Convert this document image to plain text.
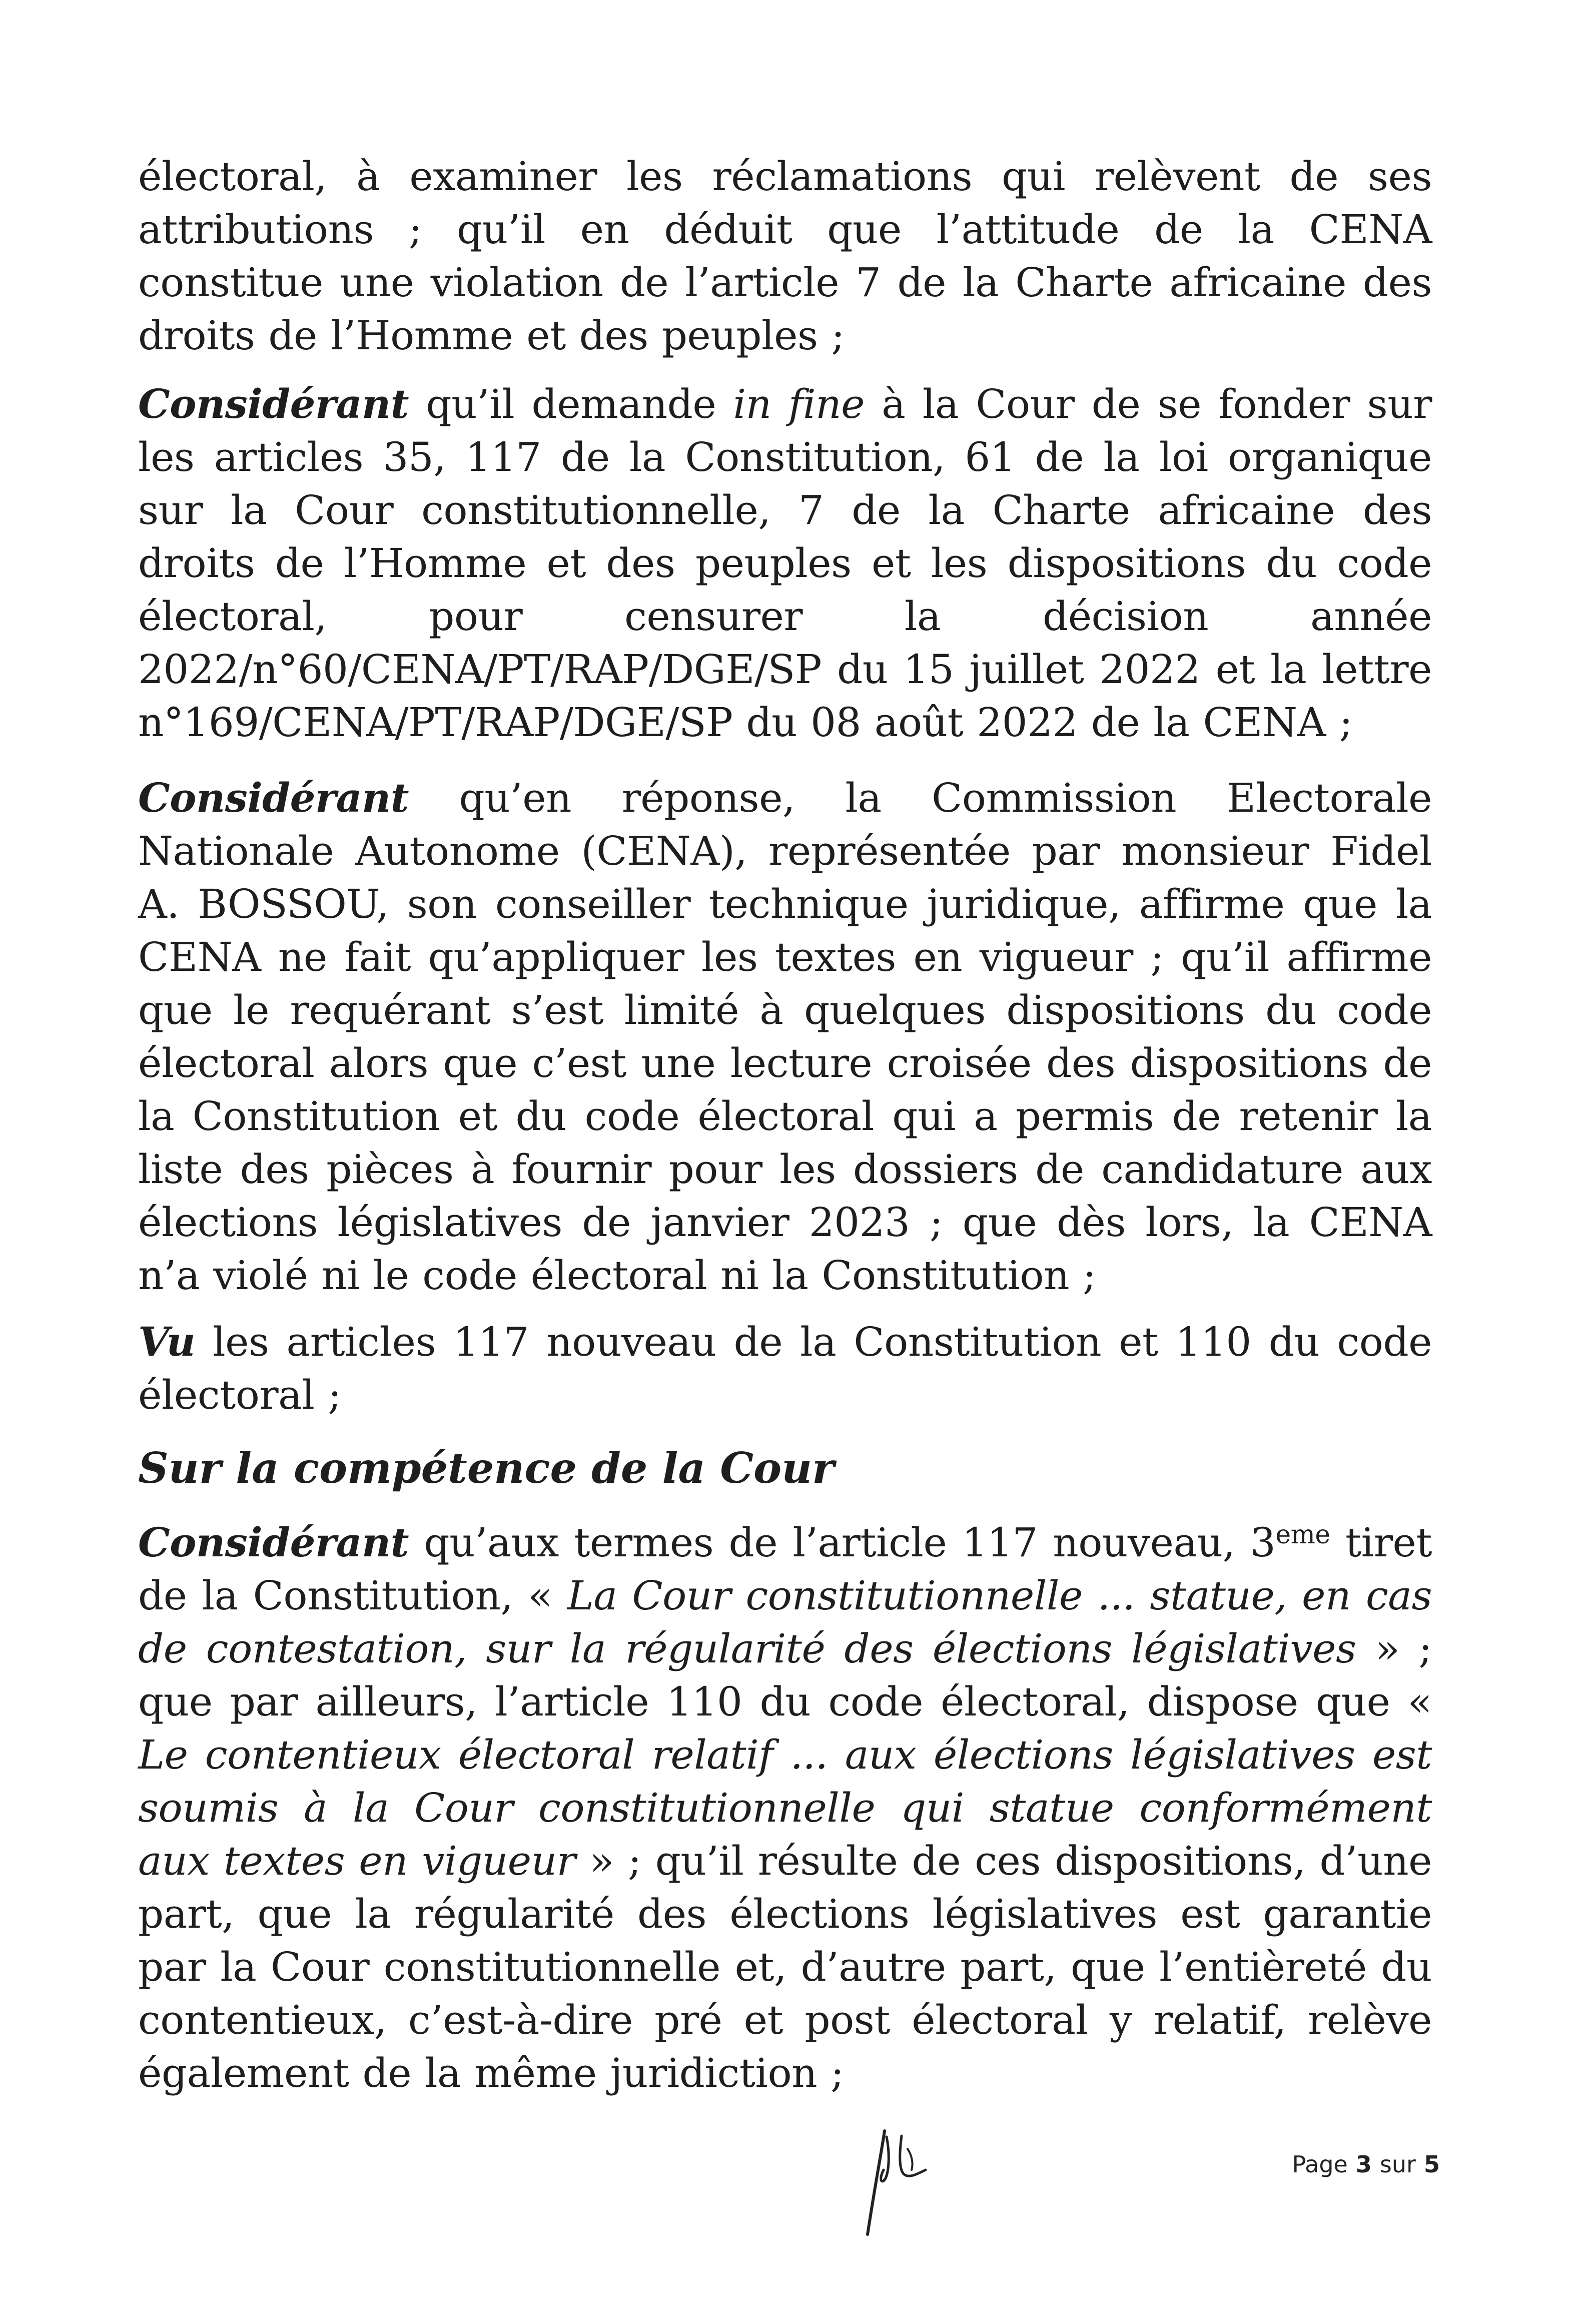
électoral, à examiner les réclamations qui relèvent de ses attributions ; qu’il en déduit que l’attitude de la CENA constitue une violation de l’article 7 de la Charte africaine des droits de l’Homme et des peuples ;

Considérant qu’il demande in fine à la Cour de se fonder sur les articles 35, 117 de la Constitution, 61 de la loi organique sur la Cour constitutionnelle, 7 de la Charte africaine des droits de l’Homme et des peuples et les dispositions du code électoral, pour censurer la décision année 2022/n°60/CENA/PT/RAP/DGE/SP du 15 juillet 2022 et la lettre n°169/CENA/PT/RAP/DGE/SP du 08 août 2022 de la CENA ;

Considérant qu’en réponse, la Commission Electorale Nationale Autonome (CENA), représentée par monsieur Fidel A. BOSSOU, son conseiller technique juridique, affirme que la CENA ne fait qu’appliquer les textes en vigueur ; qu’il affirme que le requérant s’est limité à quelques dispositions du code électoral alors que c’est une lecture croisée des dispositions de la Constitution et du code électoral qui a permis de retenir la liste des pièces à fournir pour les dossiers de candidature aux élections législatives de janvier 2023 ; que dès lors, la CENA n’a violé ni le code électoral ni la Constitution ;

Vu les articles 117 nouveau de la Constitution et 110 du code électoral ;

Sur la compétence de la Cour

Considérant qu’aux termes de l’article 117 nouveau, 3eme tiret de la Constitution, « La Cour constitutionnelle ... statue, en cas de contestation, sur la régularité des élections législatives » ; que par ailleurs, l’article 110 du code électoral, dispose que « Le contentieux électoral relatif ... aux élections législatives est soumis à la Cour constitutionnelle qui statue conformément aux textes en vigueur » ; qu’il résulte de ces dispositions, d’une part, que la régularité des élections législatives est garantie par la Cour constitutionnelle et, d’autre part, que l’entièreté du contentieux, c’est-à-dire pré et post électoral y relatif, relève également de la même juridiction ;

Page 3 sur 5
